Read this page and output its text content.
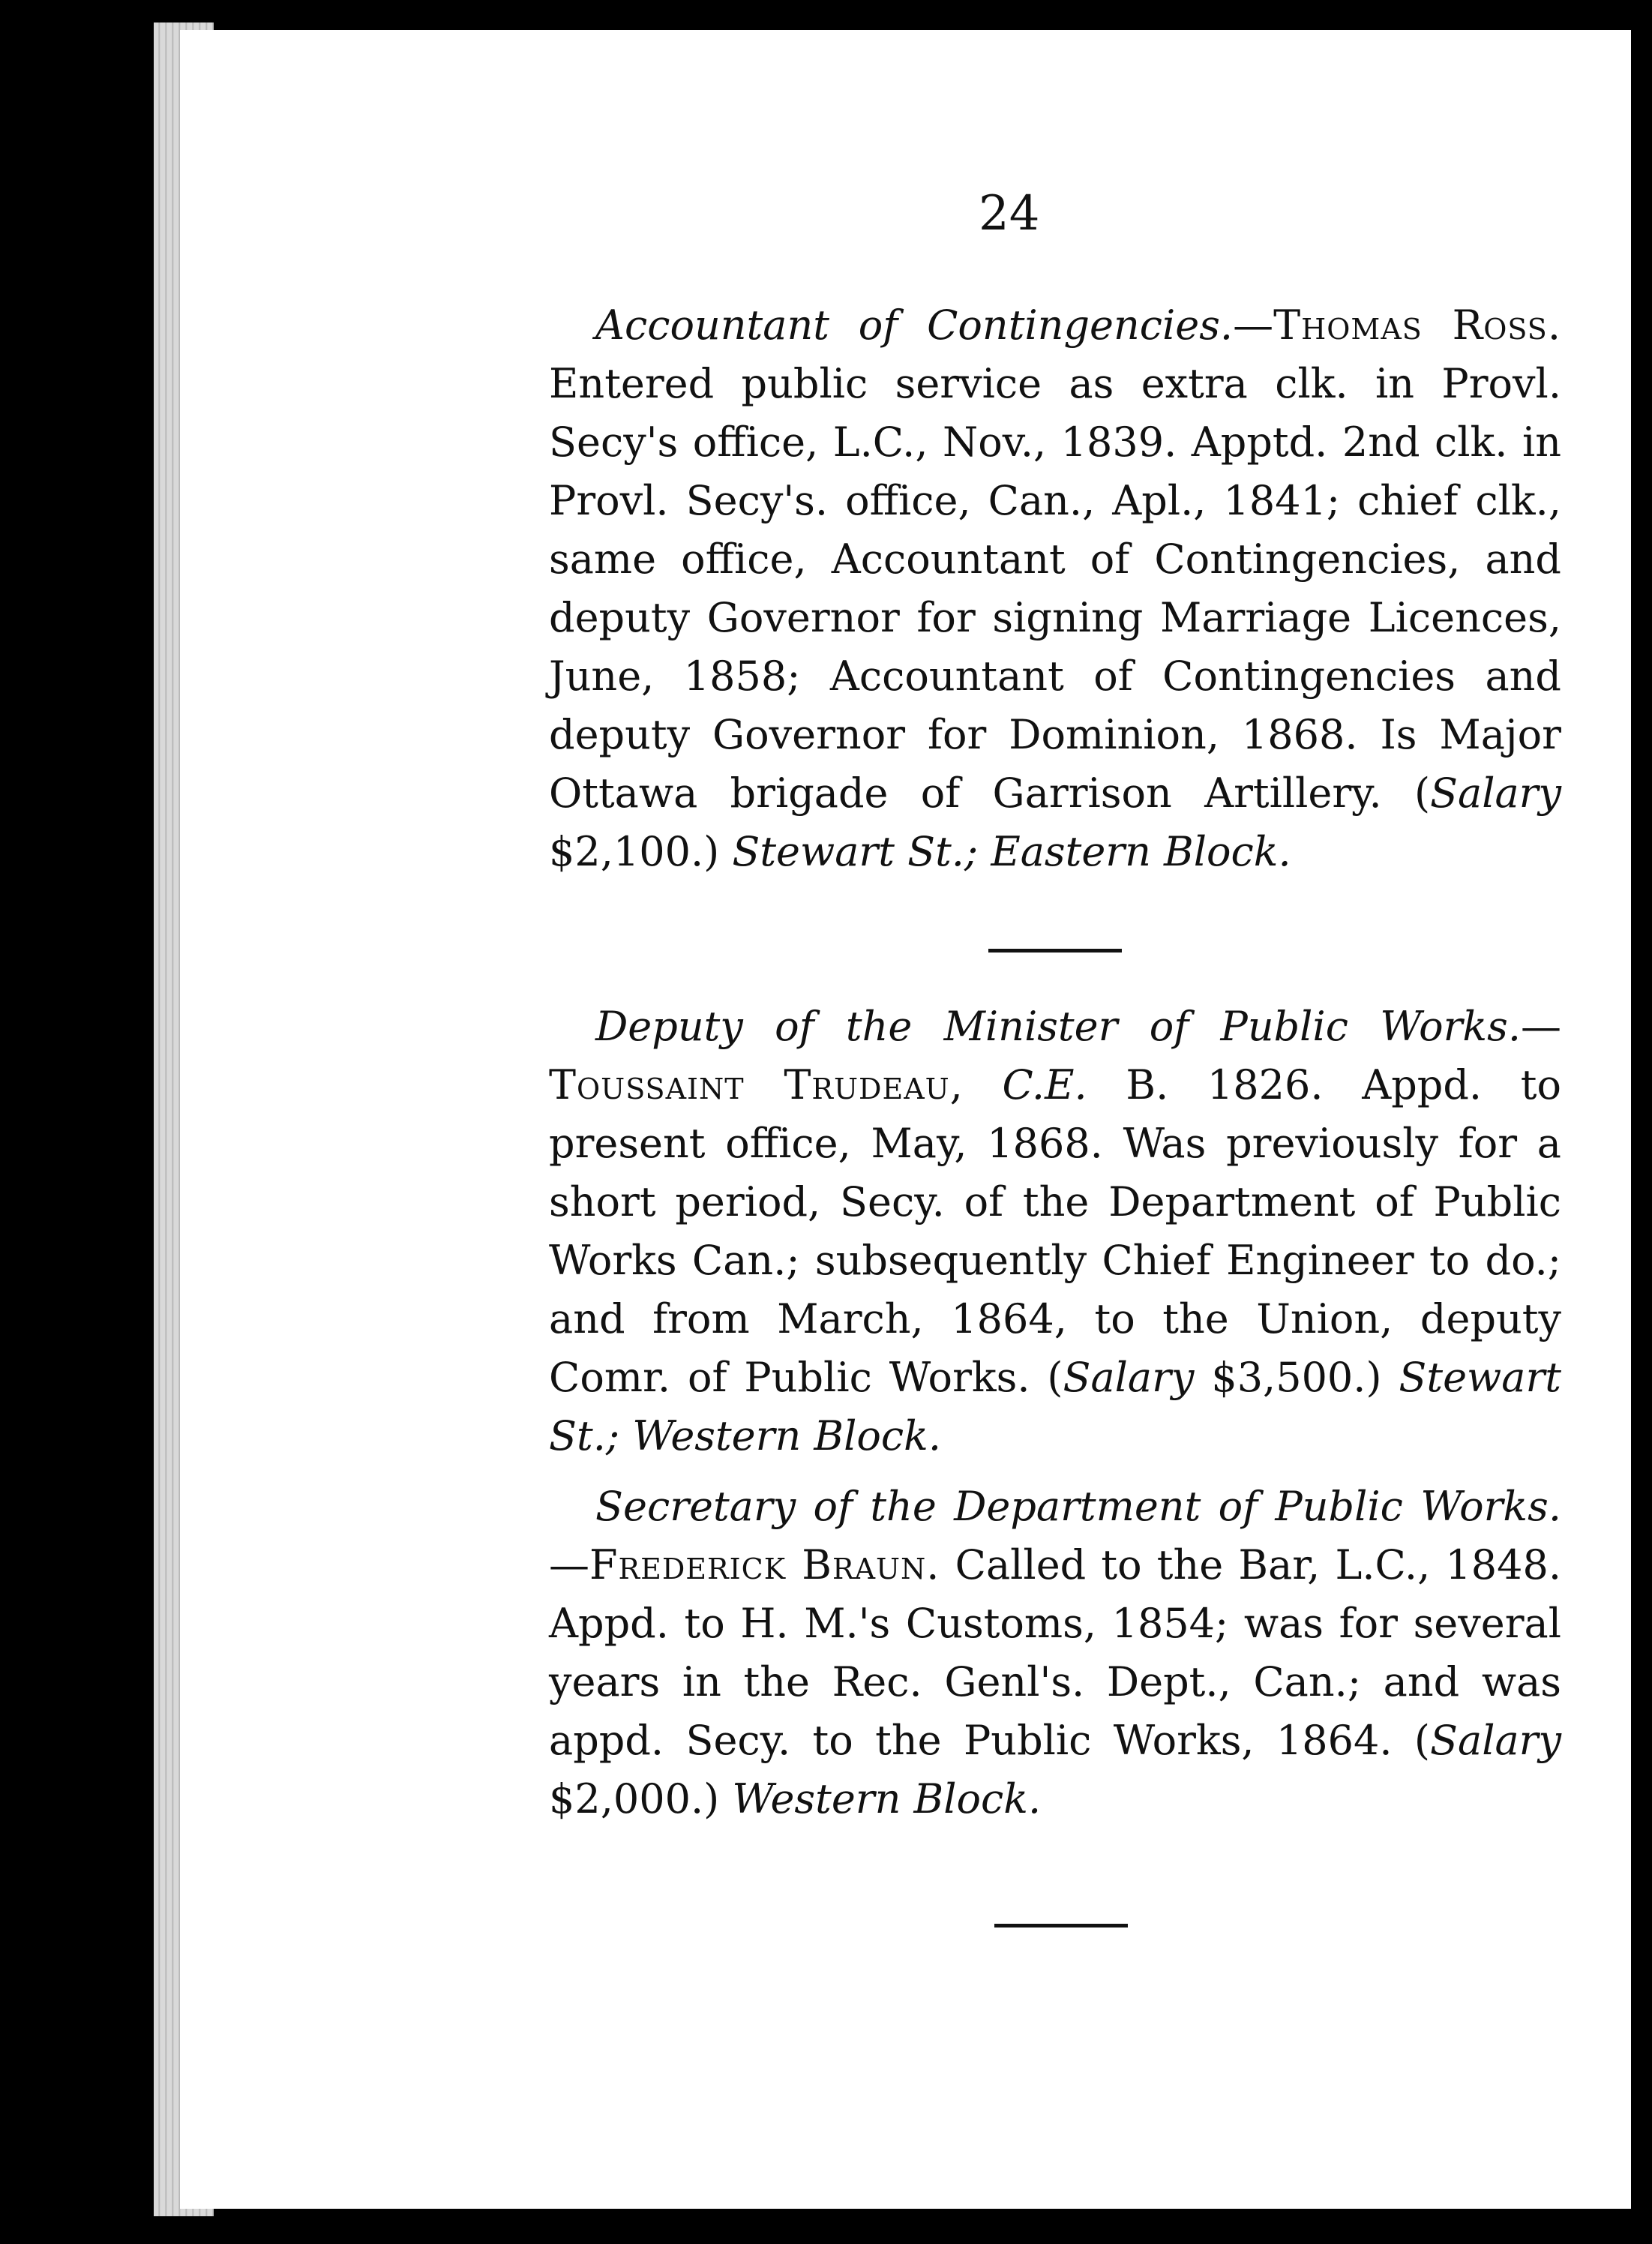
24

Accountant of Contingencies.—Thomas Ross. Entered public service as extra clk. in Provl. Secy's office, L.C., Nov., 1839. Apptd. 2nd clk. in Provl. Secy's. office, Can., Apl., 1841; chief clk., same office, Accountant of Contingencies, and deputy Governor for signing Marriage Licences, June, 1858; Accountant of Contingencies and deputy Governor for Dominion, 1868. Is Major Ottawa brigade of Garrison Artillery. (Salary $2,100.) Stewart St.; Eastern Block.

Deputy of the Minister of Public Works.—Toussaint Trudeau, C.E. B. 1826. Appd. to present office, May, 1868. Was previously for a short period, Secy. of the Department of Public Works Can.; subsequently Chief Engineer to do.; and from March, 1864, to the Union, deputy Comr. of Public Works. (Salary $3,500.) Stewart St.; Western Block.

Secretary of the Department of Public Works.—Frederick Braun. Called to the Bar, L.C., 1848. Appd. to H. M.'s Customs, 1854; was for several years in the Rec. Genl's. Dept., Can.; and was appd. Secy. to the Public Works, 1864. (Salary $2,000.) Western Block.
